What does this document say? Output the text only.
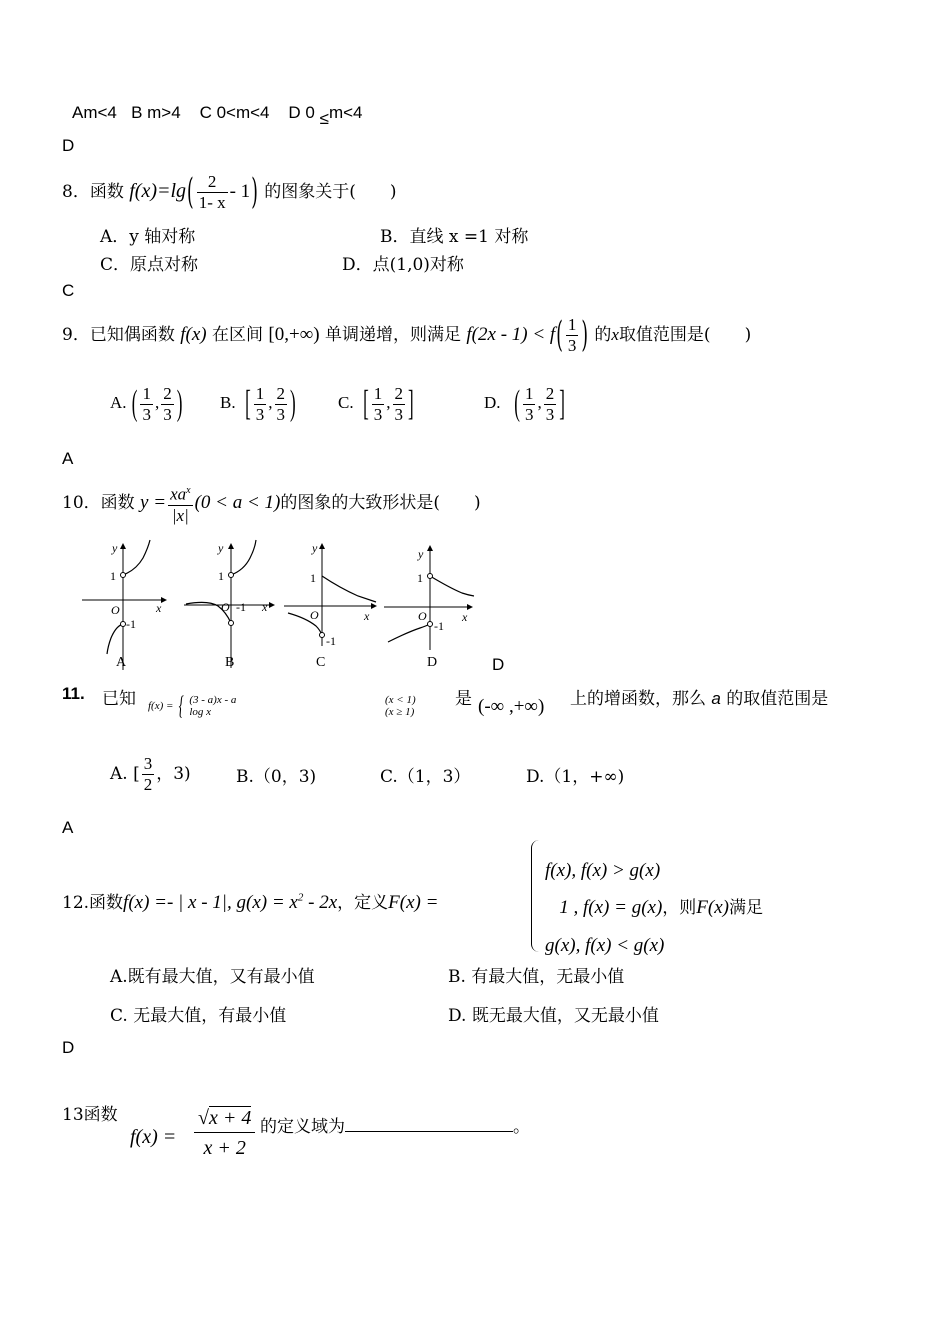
Am<4 B m>4 C 0<m<4 D 0 ≤m<4
D
8．函数 $f(x)=\lg( \frac{2}{1- x} - 1)$ 的图象关于(　　)
A．y 轴对称	B．直线 x =1 对称
C．原点对称	D．点(1,0)对称
C
9．已知偶函数 f(x) 在区间 [0,+∞) 单调递增，则满足 $f(2x - 1) < f( \frac{1}{3}$ ) 的x取值范围是(　　)
A. ( $\frac{1}{3}$ , $\frac{2}{3}$ ) B. [ $\frac{1}{3}$ , $\frac{2}{3}$ ) C. [ $\frac{1}{3}$ , $\frac{2}{3}$ ]	D. ( $\frac{1}{3}$ , $\frac{2}{3}$ ]
A
10．函数 $y = \frac{xa^x}{|x|} (0 < a < 1)$的图象的大致形状是(　　)
y
x
O
1
-1
A
y
x
O
1
-1
B
y
x
O
1
-1
C
y
x
O
1
-1
D	D
11. 已知 f(x) = { (3 - a)x - a
log x
(x < 1)
(x ≥ 1)
是 (-∞ ,+∞) 上的增函数，那么 a 的取值范围是
A. [ $\frac{3}{2}$ ，3)	B.（0，3)	C.（1，3）	D.（1，+∞)
A
12.函数f(x) =- | x - 1|, $g(x) = x^2 - 2x$，定义F(x) =
f(x), f(x) > g(x)
1 , f(x) = g(x)，则F(x)满足
g(x), f(x) < g(x)
A.既有最大值，又有最小值	B. 有最大值，无最小值
C. 无最大值，有最小值	D. 既无最大值，又无最小值
D
13函数
$f(x) = \frac{√x + 4}{x + 2}$ 的定义域为	。
